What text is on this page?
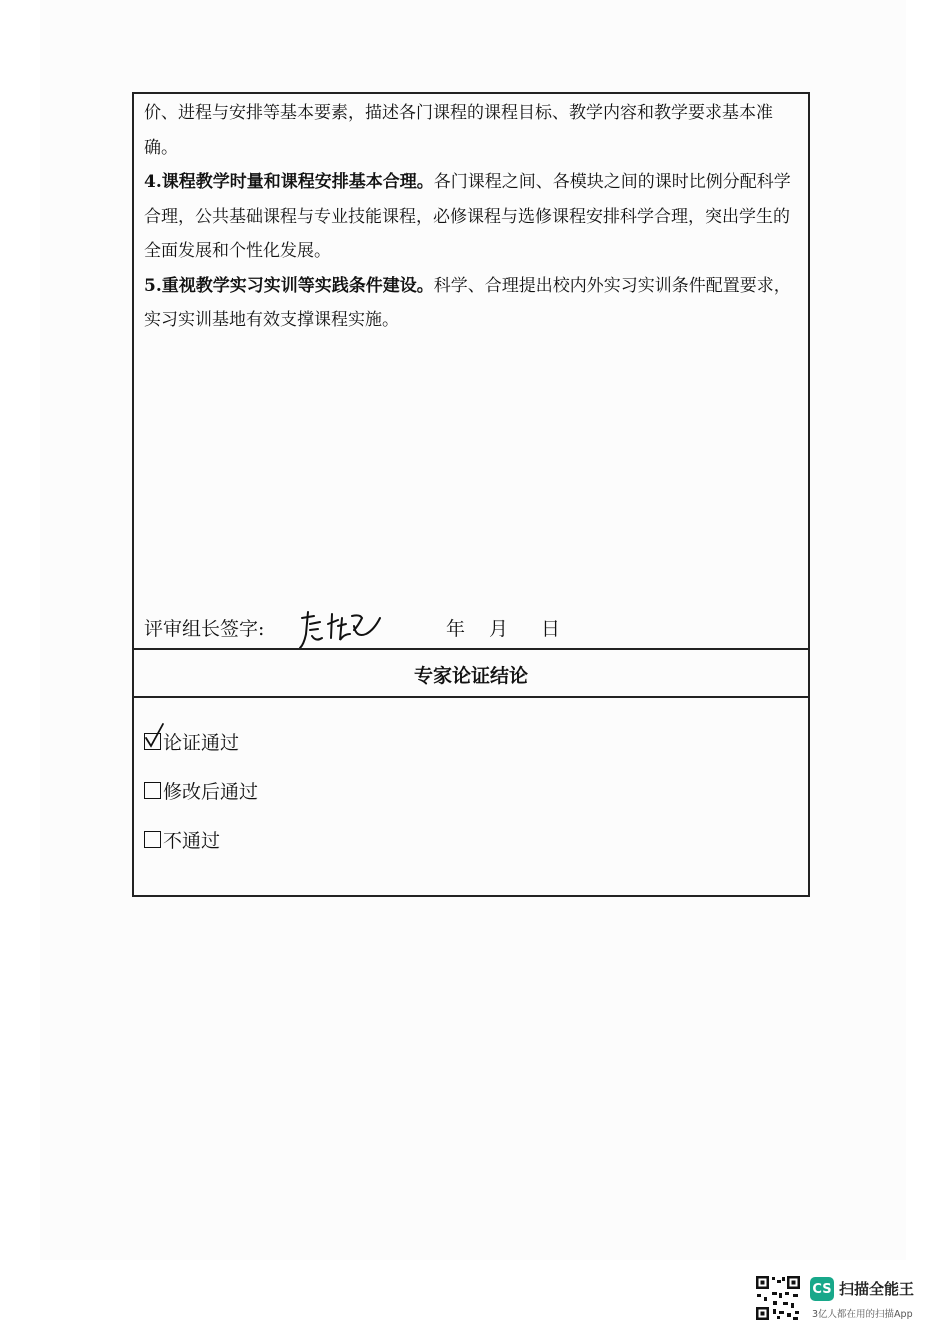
价、进程与安排等基本要素，描述各门课程的课程目标、教学内容和教学要求基本准确。

4.课程教学时量和课程安排基本合理。各门课程之间、各模块之间的课时比例分配科学合理，公共基础课程与专业技能课程，必修课程与选修课程安排科学合理，突出学生的全面发展和个性化发展。

5.重视教学实习实训等实践条件建设。科学、合理提出校内外实习实训条件配置要求，实习实训基地有效支撑课程实施。

评审组长签字:	年 月 日
专家论证结论
论证通过
修改后通过
不通过
CS 扫描全能王
3亿人都在用的扫描App
